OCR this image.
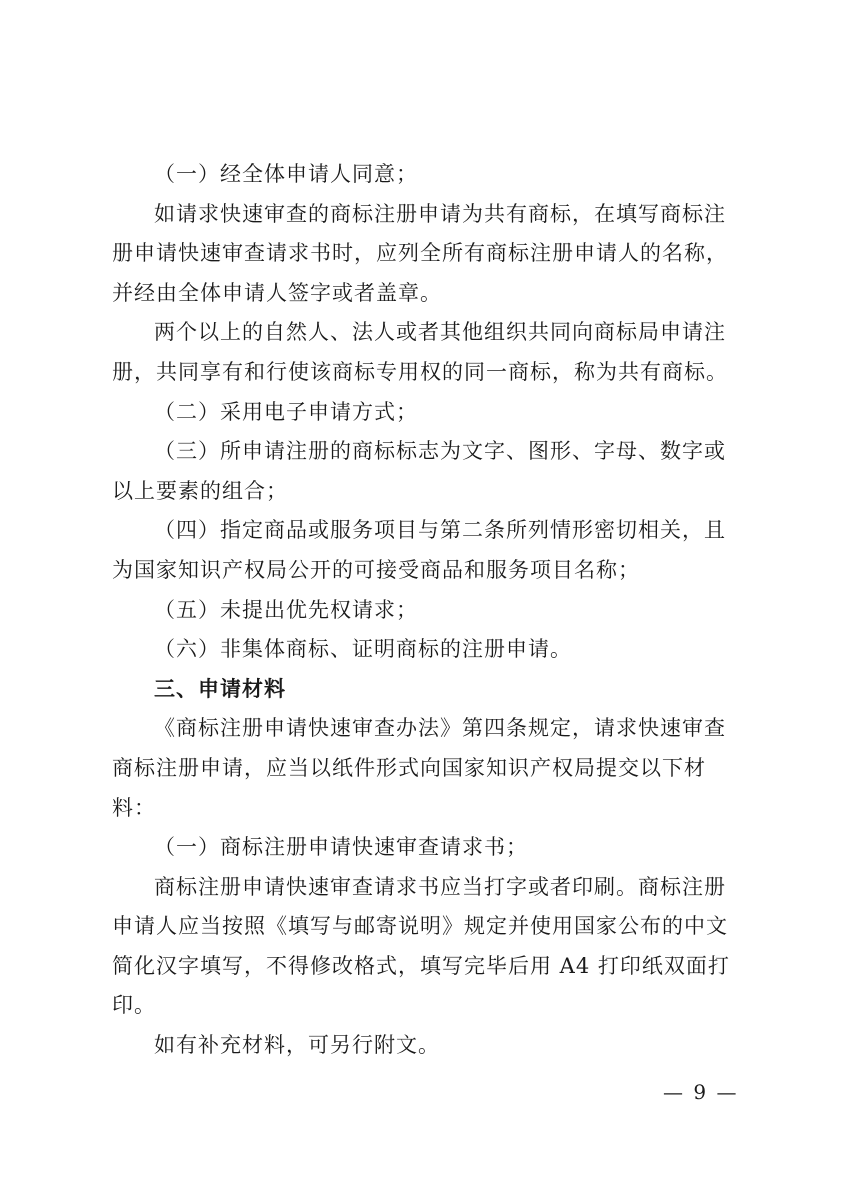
（一）经全体申请人同意；

如请求快速审查的商标注册申请为共有商标，在填写商标注册申请快速审查请求书时，应列全所有商标注册申请人的名称，并经由全体申请人签字或者盖章。

两个以上的自然人、法人或者其他组织共同向商标局申请注册，共同享有和行使该商标专用权的同一商标，称为共有商标。

（二）采用电子申请方式；

（三）所申请注册的商标标志为文字、图形、字母、数字或以上要素的组合；

（四）指定商品或服务项目与第二条所列情形密切相关，且为国家知识产权局公开的可接受商品和服务项目名称；

（五）未提出优先权请求；

（六）非集体商标、证明商标的注册申请。

三、申请材料

《商标注册申请快速审查办法》第四条规定，请求快速审查商标注册申请，应当以纸件形式向国家知识产权局提交以下材料：

（一）商标注册申请快速审查请求书；

商标注册申请快速审查请求书应当打字或者印刷。商标注册申请人应当按照《填写与邮寄说明》规定并使用国家公布的中文简化汉字填写，不得修改格式，填写完毕后用 A4 打印纸双面打印。

如有补充材料，可另行附文。

— 9 —
